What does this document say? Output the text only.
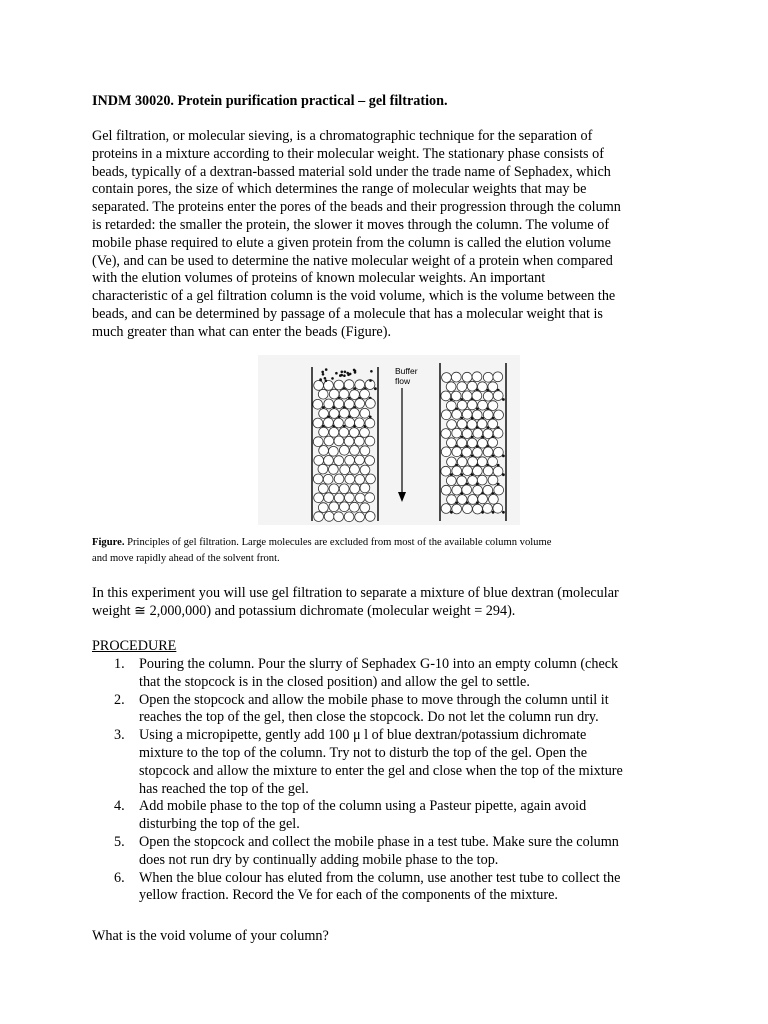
INDM 30020. Protein purification practical – gel filtration.
Gel filtration, or molecular sieving, is a chromatographic technique for the separation of
proteins in a mixture according to their molecular weight. The stationary phase consists of
beads, typically of a dextran-bassed material sold under the trade name of Sephadex, which
contain pores, the size of which determines the range of molecular weights that may be
separated. The proteins enter the pores of the beads and their progression through the column
is retarded: the smaller the protein, the slower it moves through the column. The volume of
mobile phase required to elute a given protein from the column is called the elution volume
(Ve), and can be used to determine the native molecular weight of a protein when compared
with the elution volumes of proteins of known molecular weights. An important
characteristic of a gel filtration column is the void volume, which is the volume between the
beads, and can be determined by passage of a molecule that has a molecular weight that is
much greater than what can enter the beads (Figure).
Figure. Principles of gel filtration. Large molecules are excluded from most of the available column volume
and move rapidly ahead of the solvent front.
In this experiment you will use gel filtration to separate a mixture of blue dextran (molecular
weight ≅ 2,000,000) and potassium dichromate (molecular weight = 294).
PROCEDURE
1. Pouring the column. Pour the slurry of Sephadex G-10 into an empty column (check
that the stopcock is in the closed position) and allow the gel to settle.
2. Open the stopcock and allow the mobile phase to move through the column until it
reaches the top of the gel, then close the stopcock. Do not let the column run dry.
3. Using a micropipette, gently add 100 μ l of blue dextran/potassium dichromate
mixture to the top of the column. Try not to disturb the top of the gel. Open the
stopcock and allow the mixture to enter the gel and close when the top of the mixture
has reached the top of the gel.
4. Add mobile phase to the top of the column using a Pasteur pipette, again avoid
disturbing the top of the gel.
5. Open the stopcock and collect the mobile phase in a test tube. Make sure the column
does not run dry by continually adding mobile phase to the top.
6. When the blue colour has eluted from the column, use another test tube to collect the
yellow fraction. Record the Ve for each of the components of the mixture.
What is the void volume of your column?
Buffer
flow
